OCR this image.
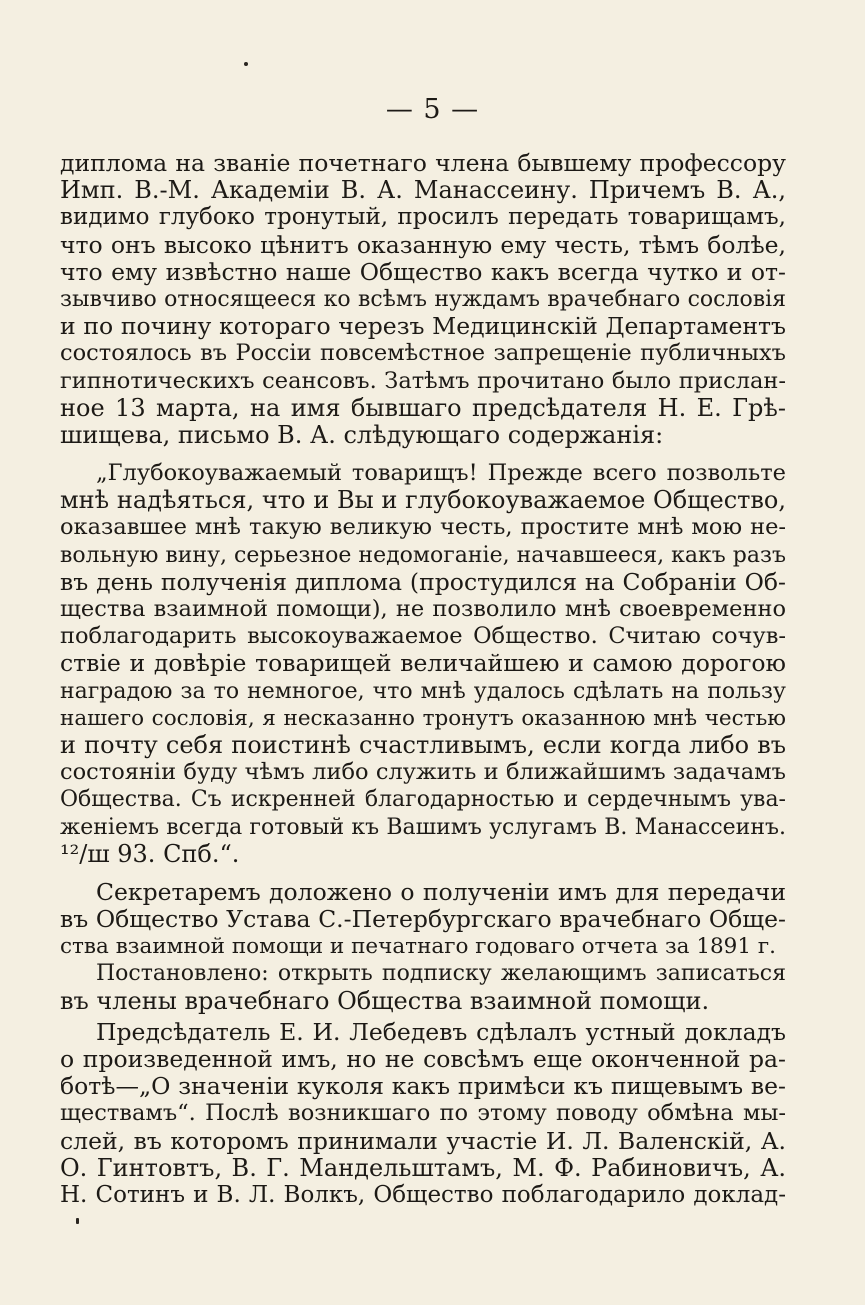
— 5 —
диплома на званіе почетнаго члена бывшему профессору
Имп. В.-М. Академіи В. А. Манассеину. Причемъ В. А.,
видимо глубоко тронутый, просилъ передать товарищамъ,
что онъ высоко цѣнитъ оказанную ему честь, тѣмъ болѣе,
что ему извѣстно наше Общество какъ всегда чутко и от-
зывчиво относящееся ко всѣмъ нуждамъ врачебнаго сословія
и по почину котораго черезъ Медицинскій Департаментъ
состоялось въ Россіи повсемѣстное запрещеніе публичныхъ
гипнотическихъ сеансовъ. Затѣмъ прочитано было прислан-
ное 13 марта, на имя бывшаго предсѣдателя Н. Е. Грѣ-
шищева, письмо В. А. слѣдующаго содержанія:
„Глубокоуважаемый товарищъ! Прежде всего позвольте
мнѣ надѣяться, что и Вы и глубокоуважаемое Общество,
оказавшее мнѣ такую великую честь, простите мнѣ мою не-
вольную вину, серьезное недомоганіе, начавшееся, какъ разъ
въ день полученія диплома (простудился на Собраніи Об-
щества взаимной помощи), не позволило мнѣ своевременно
поблагодарить высокоуважаемое Общество. Считаю сочув-
ствіе и довѣріе товарищей величайшею и самою дорогою
наградою за то немногое, что мнѣ удалось сдѣлать на пользу
нашего сословія, я несказанно тронутъ оказанною мнѣ честью
и почту себя поистинѣ счастливымъ, если когда либо въ
состояніи буду чѣмъ либо служить и ближайшимъ задачамъ
Общества. Съ искренней благодарностью и сердечнымъ ува-
женіемъ всегда готовый къ Вашимъ услугамъ В. Манассеинъ.
¹²/ш 93. Спб.“.
Секретаремъ доложено о полученіи имъ для передачи
въ Общество Устава С.-Петербургскаго врачебнаго Обще-
ства взаимной помощи и печатнаго годоваго отчета за 1891 г.
Постановлено: открыть подписку желающимъ записаться
въ члены врачебнаго Общества взаимной помощи.
Предсѣдатель Е. И. Лебедевъ сдѣлалъ устный докладъ
о произведенной имъ, но не совсѣмъ еще оконченной ра-
ботѣ—„О значеніи куколя какъ примѣси къ пищевымъ ве-
ществамъ“. Послѣ возникшаго по этому поводу обмѣна мы-
слей, въ которомъ принимали участіе И. Л. Валенскій, А.
О. Гинтовтъ, В. Г. Мандельштамъ, М. Ф. Рабиновичъ, А.
Н. Сотинъ и В. Л. Волкъ, Общество поблагодарило доклад-
